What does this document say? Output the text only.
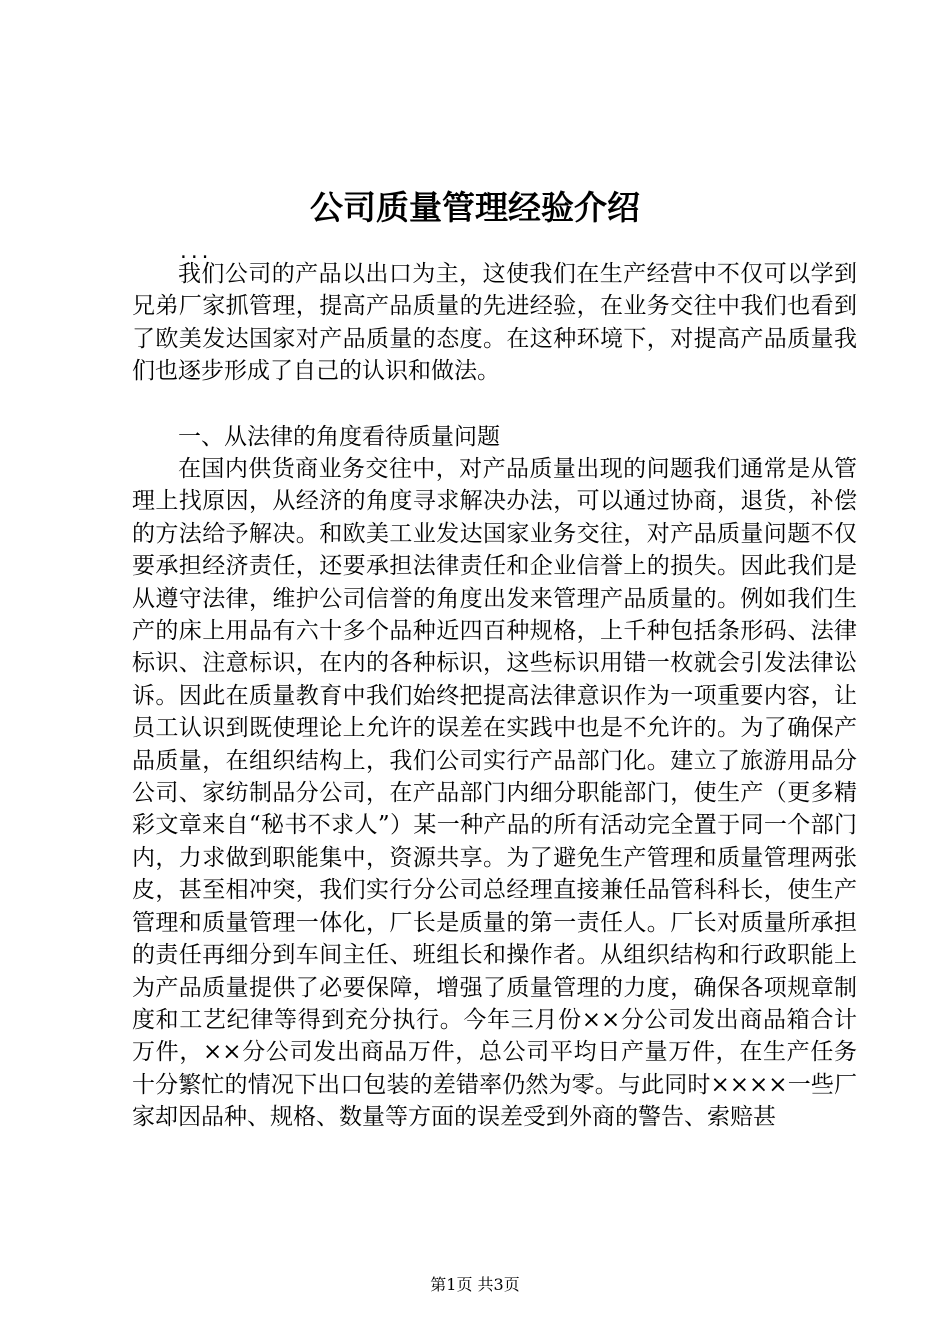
公司质量管理经验介绍
...

我们公司的产品以出口为主，这使我们在生产经营中不仅可以学到兄弟厂家抓管理，提高产品质量的先进经验，在业务交往中我们也看到了欧美发达国家对产品质量的态度。在这种环境下，对提高产品质量我们也逐步形成了自己的认识和做法。

一、从法律的角度看待质量问题

在国内供货商业务交往中，对产品质量出现的问题我们通常是从管理上找原因，从经济的角度寻求解决办法，可以通过协商，退货，补偿的方法给予解决。和欧美工业发达国家业务交往，对产品质量问题不仅要承担经济责任，还要承担法律责任和企业信誉上的损失。因此我们是从遵守法律，维护公司信誉的角度出发来管理产品质量的。例如我们生产的床上用品有六十多个品种近四百种规格，上千种包括条形码、法律标识、注意标识，在内的各种标识，这些标识用错一枚就会引发法律讼诉。因此在质量教育中我们始终把提高法律意识作为一项重要内容，让员工认识到既使理论上允许的误差在实践中也是不允许的。为了确保产品质量，在组织结构上，我们公司实行产品部门化。建立了旅游用品分公司、家纺制品分公司，在产品部门内细分职能部门，使生产（更多精彩文章来自“秘书不求人”）某一种产品的所有活动完全置于同一个部门内，力求做到职能集中，资源共享。为了避免生产管理和质量管理两张皮，甚至相冲突，我们实行分公司总经理直接兼任品管科科长，使生产管理和质量管理一体化，厂长是质量的第一责任人。厂长对质量所承担的责任再细分到车间主任、班组长和操作者。从组织结构和行政职能上为产品质量提供了必要保障，增强了质量管理的力度，确保各项规章制度和工艺纪律等得到充分执行。今年三月份××分公司发出商品箱合计万件，××分公司发出商品万件，总公司平均日产量万件，在生产任务十分繁忙的情况下出口包装的差错率仍然为零。与此同时××××一些厂家却因品种、规格、数量等方面的误差受到外商的警告、索赔甚

第1页 共3页
